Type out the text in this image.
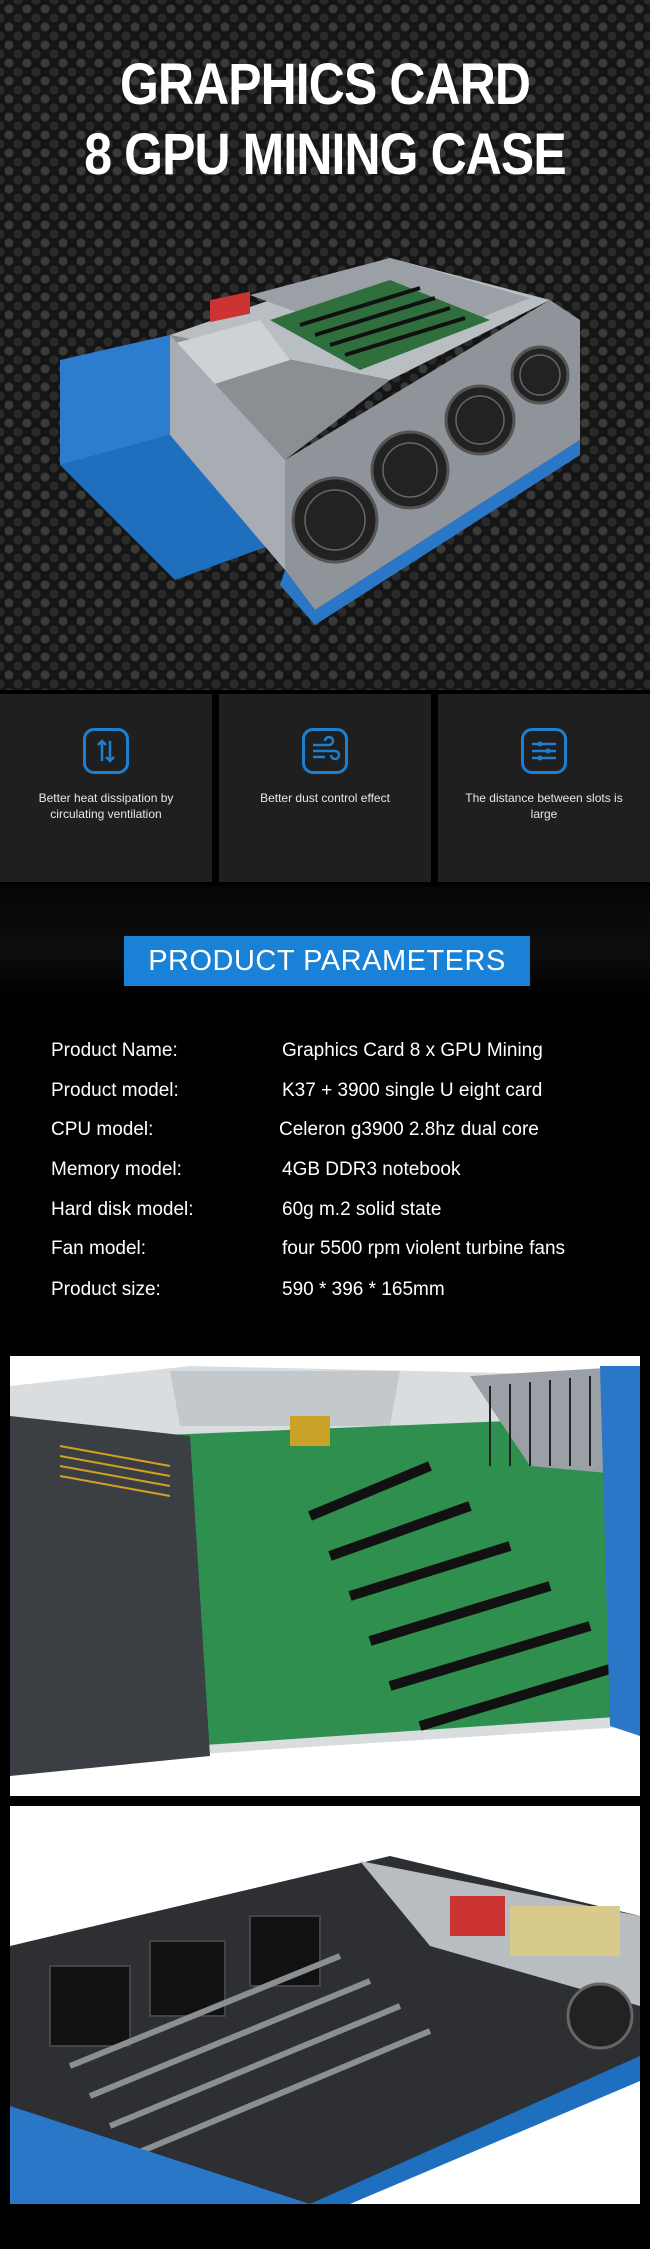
GRAPHICS CARD
8 GPU MINING CASE
Better heat dissipation by circulating ventilation
Better dust control effect	The distance between slots is large
PRODUCT PARAMETERS
Product Name:	Graphics Card 8 x GPU Mining
Product model:	K37 + 3900 single U eight card
CPU model:	Celeron g3900 2.8hz dual core
Memory model:	4GB DDR3 notebook
Hard disk model:	60g m.2 solid state
Fan model:	four 5500 rpm violent turbine fans
Product size:	590 * 396 * 165mm
